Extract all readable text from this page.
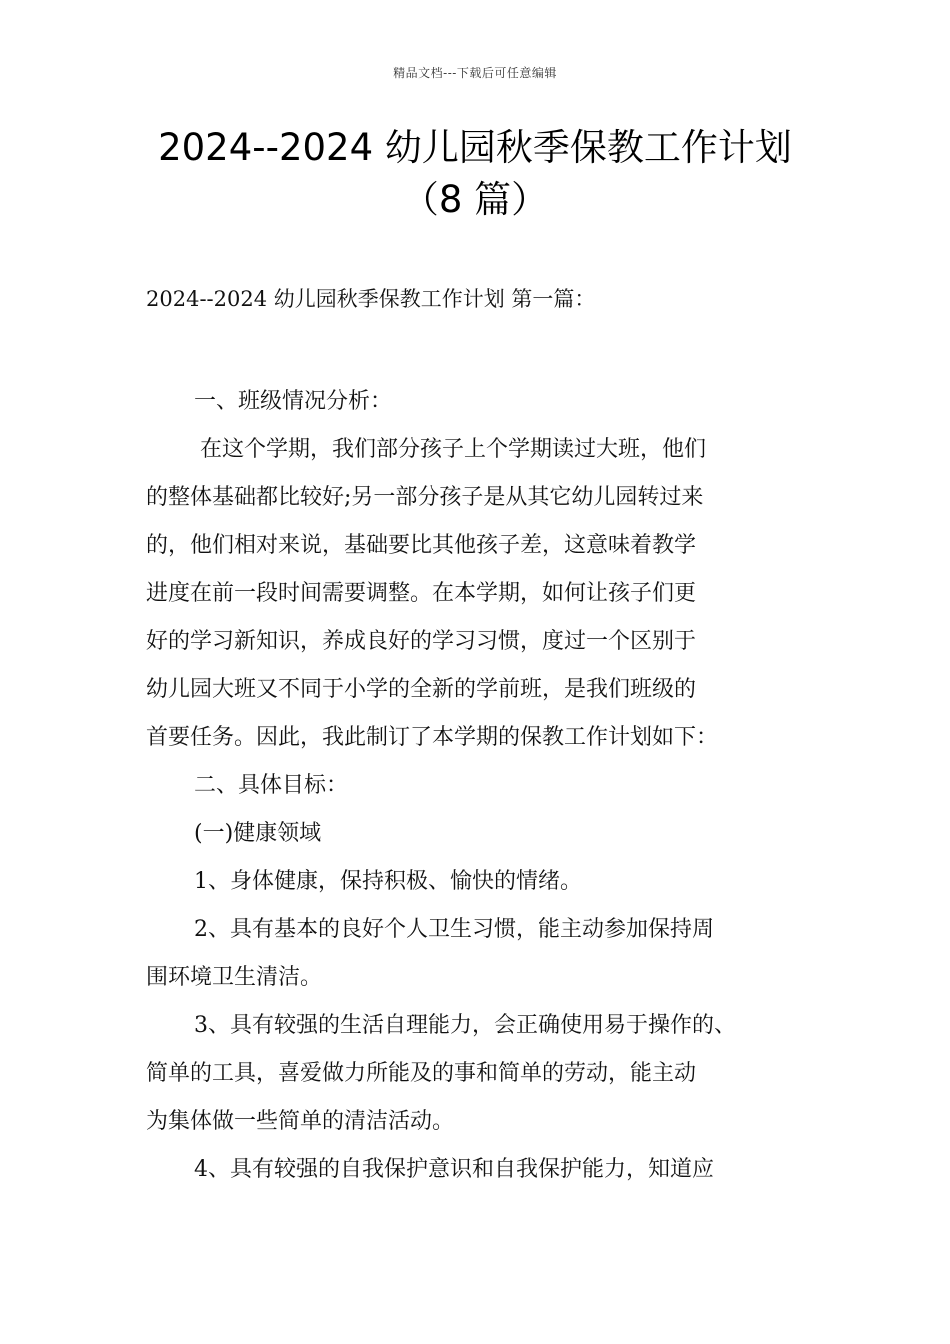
精品文档---下载后可任意编辑
2024--2024 幼儿园秋季保教工作计划
（8 篇）
2024--2024 幼儿园秋季保教工作计划 第一篇：

一、班级情况分析：

在这个学期，我们部分孩子上个学期读过大班，他们

的整体基础都比较好;另一部分孩子是从其它幼儿园转过来

的，他们相对来说，基础要比其他孩子差，这意味着教学

进度在前一段时间需要调整。在本学期，如何让孩子们更

好的学习新知识，养成良好的学习习惯，度过一个区别于

幼儿园大班又不同于小学的全新的学前班，是我们班级的

首要任务。因此，我此制订了本学期的保教工作计划如下：

二、具体目标：

(一)健康领域

1、身体健康，保持积极、愉快的情绪。

2、具有基本的良好个人卫生习惯，能主动参加保持周

围环境卫生清洁。

3、具有较强的生活自理能力，会正确使用易于操作的、

简单的工具，喜爱做力所能及的事和简单的劳动，能主动

为集体做一些简单的清洁活动。

4、具有较强的自我保护意识和自我保护能力，知道应
